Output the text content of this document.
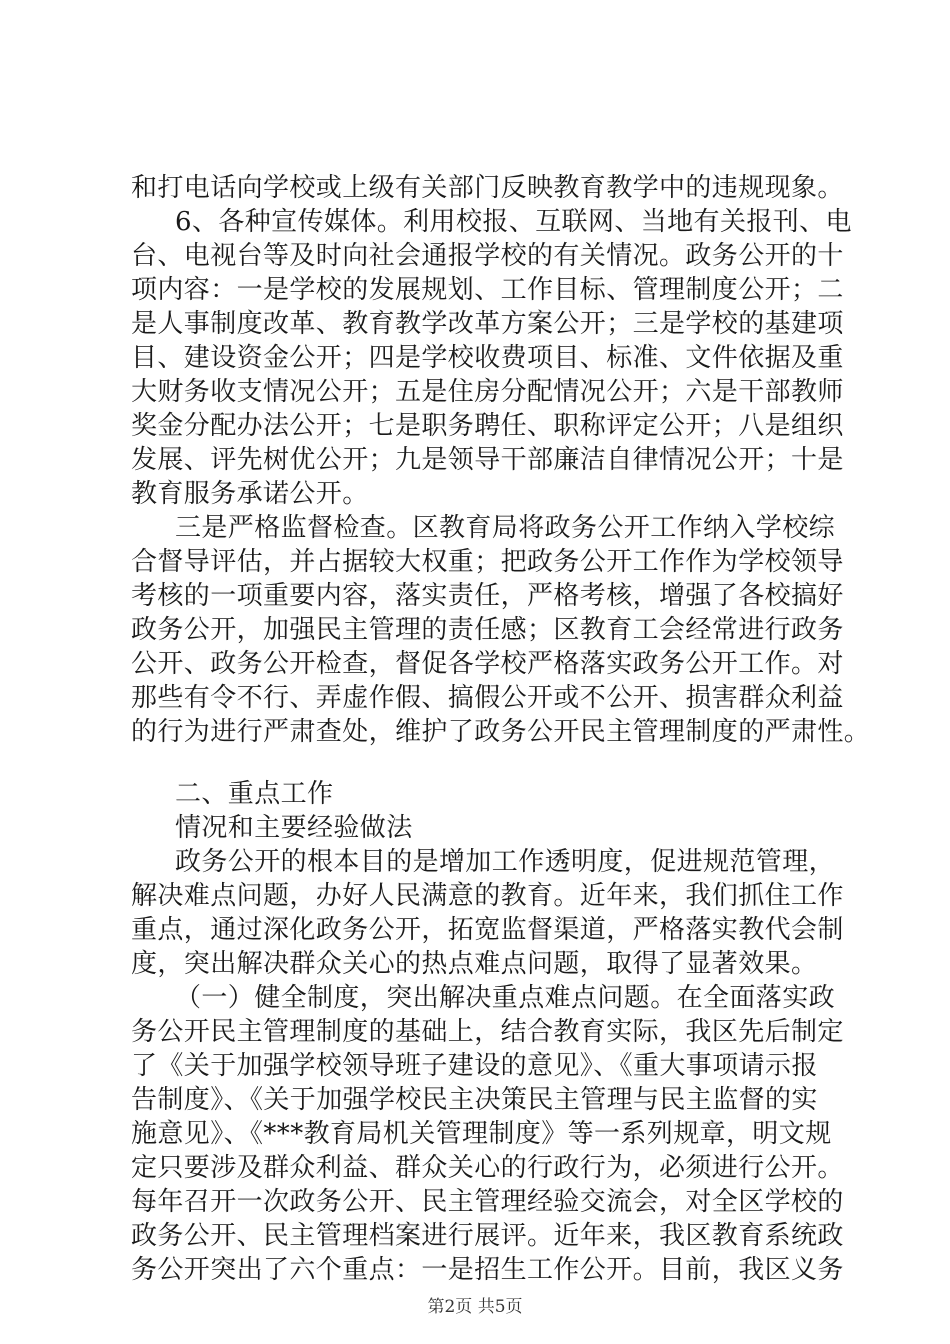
和打电话向学校或上级有关部门反映教育教学中的违规现象。
6、各种宣传媒体。利用校报、互联网、当地有关报刊、电
台、电视台等及时向社会通报学校的有关情况。政务公开的十
项内容：一是学校的发展规划、工作目标、管理制度公开；二
是人事制度改革、教育教学改革方案公开；三是学校的基建项
目、建设资金公开；四是学校收费项目、标准、文件依据及重
大财务收支情况公开；五是住房分配情况公开；六是干部教师
奖金分配办法公开；七是职务聘任、职称评定公开；八是组织
发展、评先树优公开；九是领导干部廉洁自律情况公开；十是
教育服务承诺公开。
三是严格监督检查。区教育局将政务公开工作纳入学校综
合督导评估，并占据较大权重；把政务公开工作作为学校领导
考核的一项重要内容，落实责任，严格考核，增强了各校搞好
政务公开，加强民主管理的责任感；区教育工会经常进行政务
公开、政务公开检查，督促各学校严格落实政务公开工作。对
那些有令不行、弄虚作假、搞假公开或不公开、损害群众利益
的行为进行严肃查处，维护了政务公开民主管理制度的严肃性。
二、重点工作
情况和主要经验做法
政务公开的根本目的是增加工作透明度，促进规范管理，
解决难点问题，办好人民满意的教育。近年来，我们抓住工作
重点，通过深化政务公开，拓宽监督渠道，严格落实教代会制
度，突出解决群众关心的热点难点问题，取得了显著效果。
（一）健全制度，突出解决重点难点问题。在全面落实政
务公开民主管理制度的基础上，结合教育实际，我区先后制定
了《关于加强学校领导班子建设的意见》、《重大事项请示报
告制度》、《关于加强学校民主决策民主管理与民主监督的实
施意见》、《***教育局机关管理制度》等一系列规章，明文规
定只要涉及群众利益、群众关心的行政行为，必须进行公开。
每年召开一次政务公开、民主管理经验交流会，对全区学校的
政务公开、民主管理档案进行展评。近年来，我区教育系统政
务公开突出了六个重点：一是招生工作公开。目前，我区义务
第2页 共5页
